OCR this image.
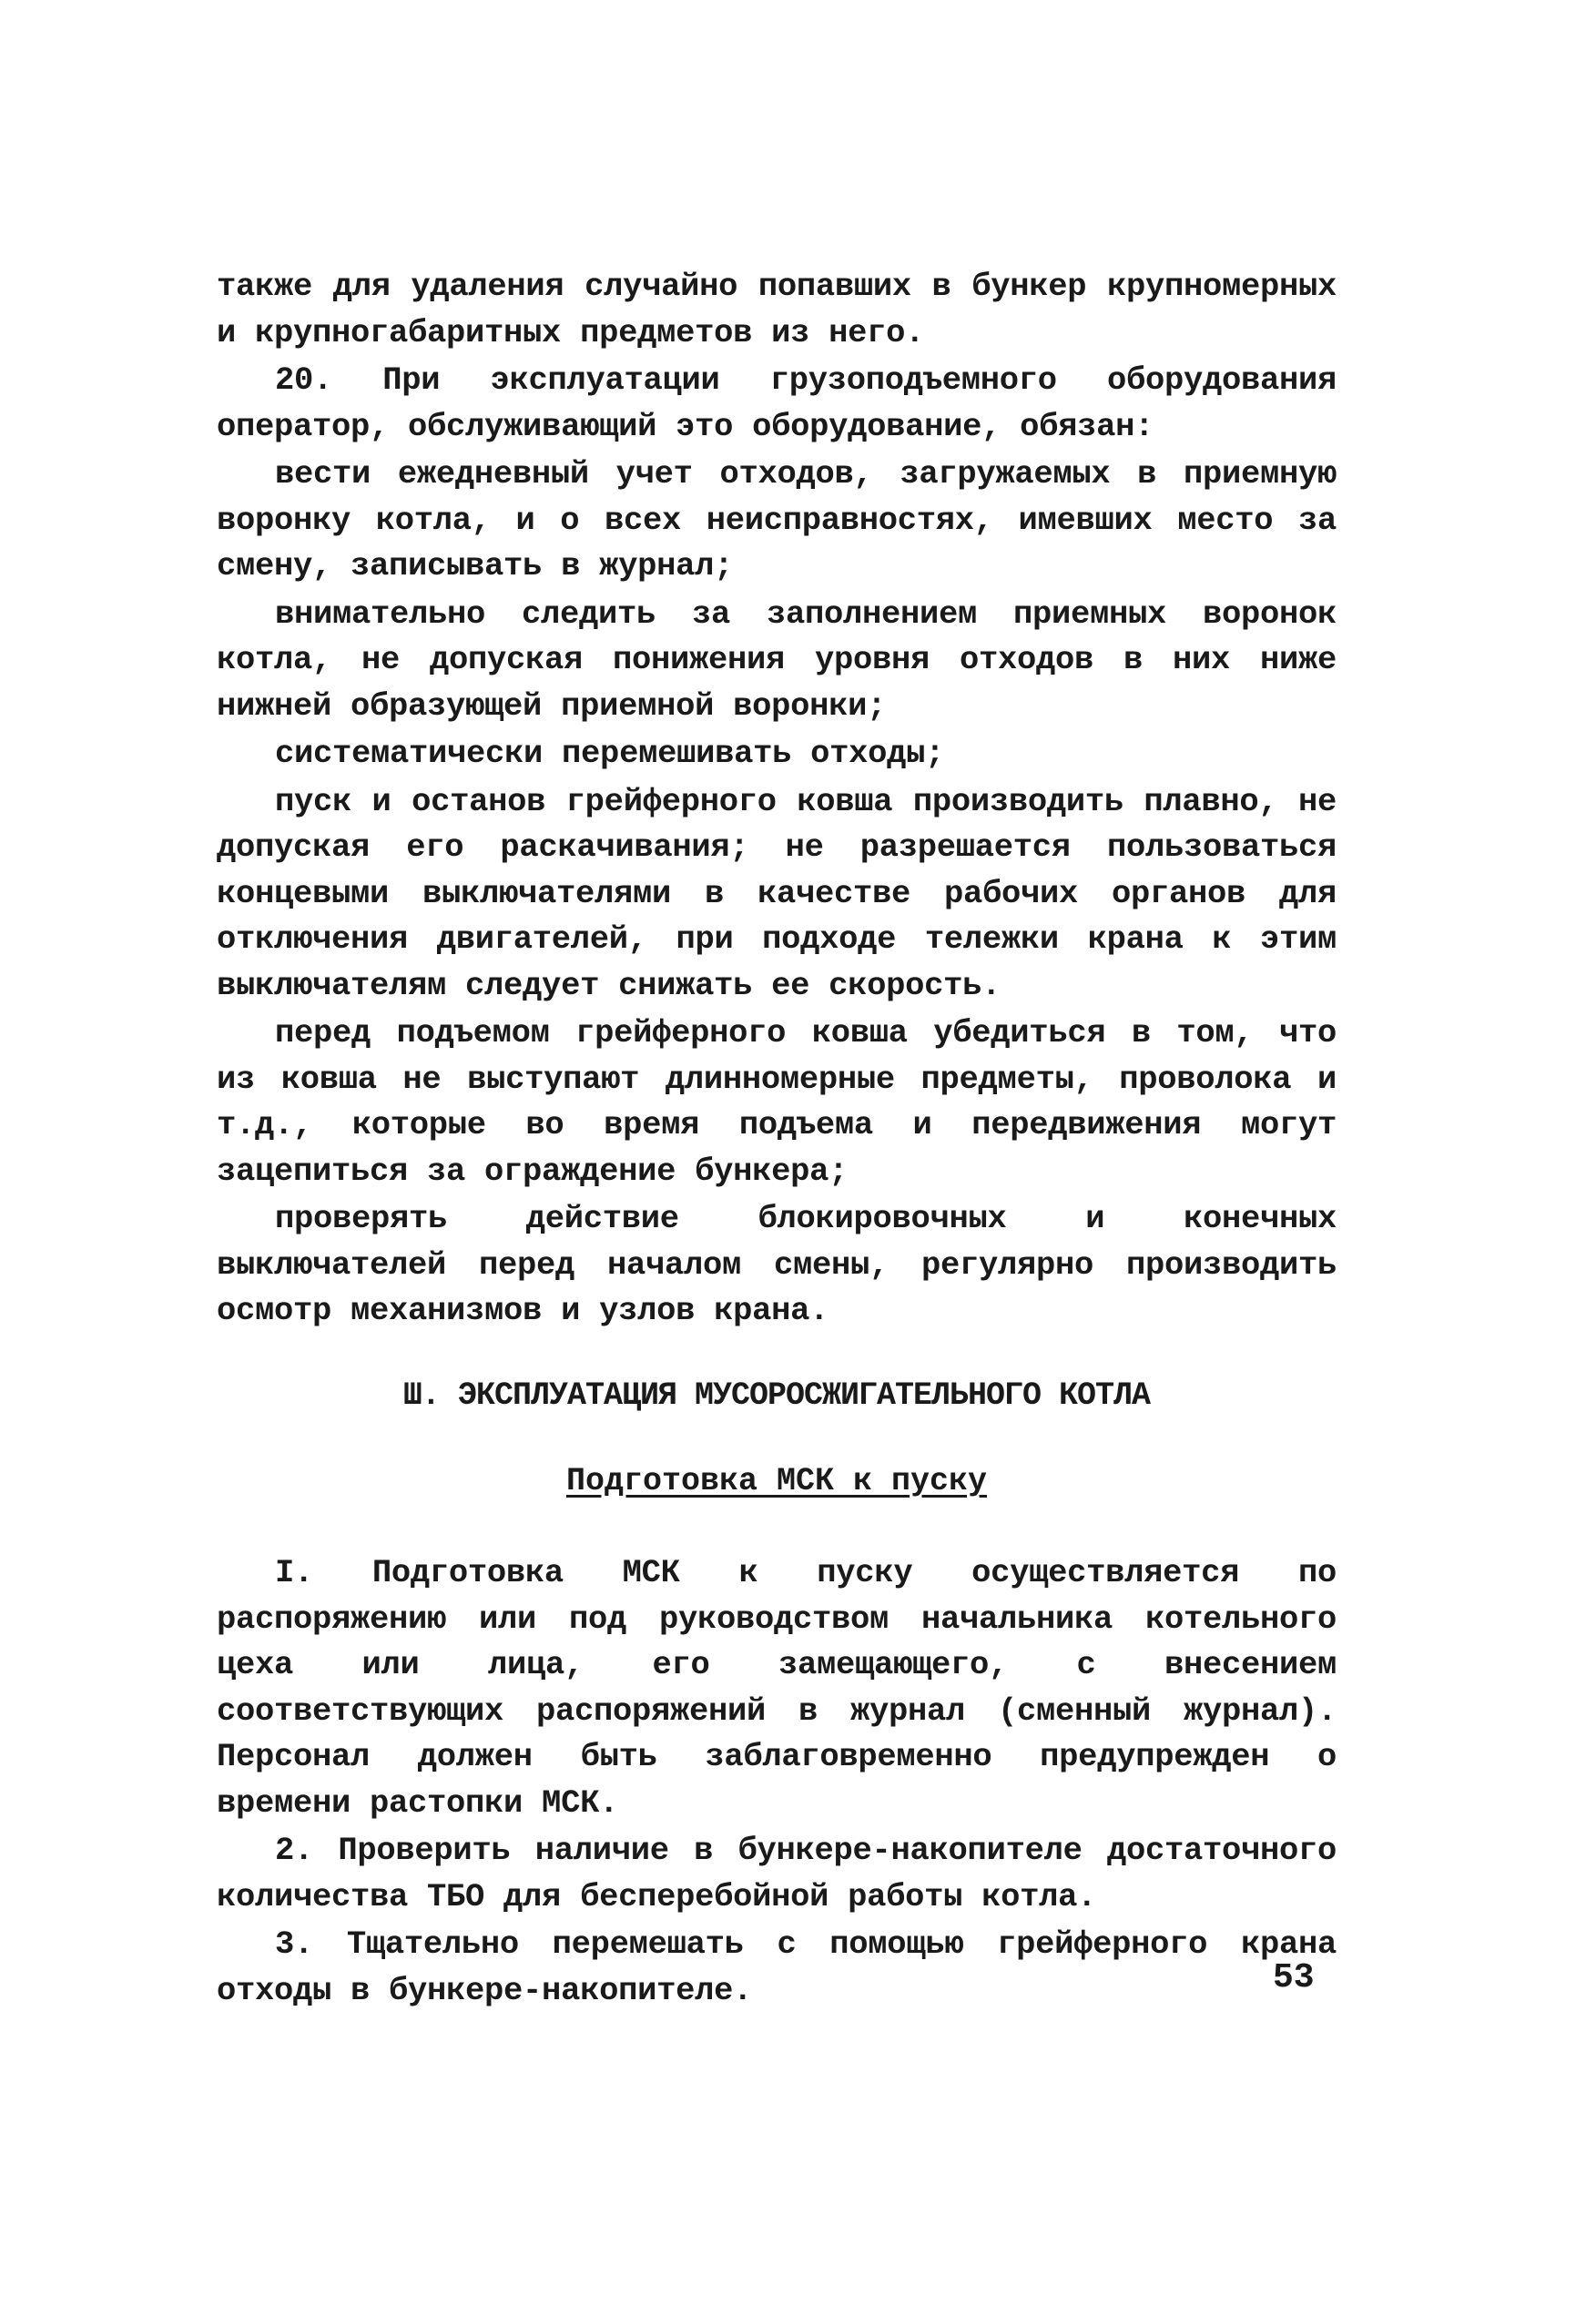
также для удаления случайно попавших в бункер крупномерных и крупногабаритных предметов из него.

20. При эксплуатации грузоподъемного оборудования оператор, обслуживающий это оборудование, обязан:

вести ежедневный учет отходов, загружаемых в приемную воронку котла, и о всех неисправностях, имевших место за смену, записывать в журнал;

внимательно следить за заполнением приемных воронок котла, не допуская понижения уровня отходов в них ниже нижней образующей приемной воронки;

систематически перемешивать отходы;

пуск и останов грейферного ковша производить плавно, не допуская его раскачивания; не разрешается пользоваться концевыми выключателями в качестве рабочих органов для отключения двигателей, при подходе тележки крана к этим выключателям следует снижать ее скорость.

перед подъемом грейферного ковша убедиться в том, что из ковша не выступают длинномерные предметы, проволока и т.д., которые во время подъема и передвижения могут зацепиться за ограждение бункера;

проверять действие блокировочных и конечных выключателей перед началом смены, регулярно производить осмотр механизмов и узлов крана.

Ш. ЭКСПЛУАТАЦИЯ МУСОРОСЖИГАТЕЛЬНОГО КОТЛА
Подготовка МСК к пуску

I. Подготовка МСК к пуску осуществляется по распоряжению или под руководством начальника котельного цеха или лица, его замещающего, с внесением соответствующих распоряжений в журнал (сменный журнал). Персонал должен быть заблаговременно предупрежден о времени растопки МСК.

2. Проверить наличие в бункере-накопителе достаточного количества ТБО для бесперебойной работы котла.

3. Тщательно перемешать с помощью грейферного крана отходы в бункере-накопителе.	53
